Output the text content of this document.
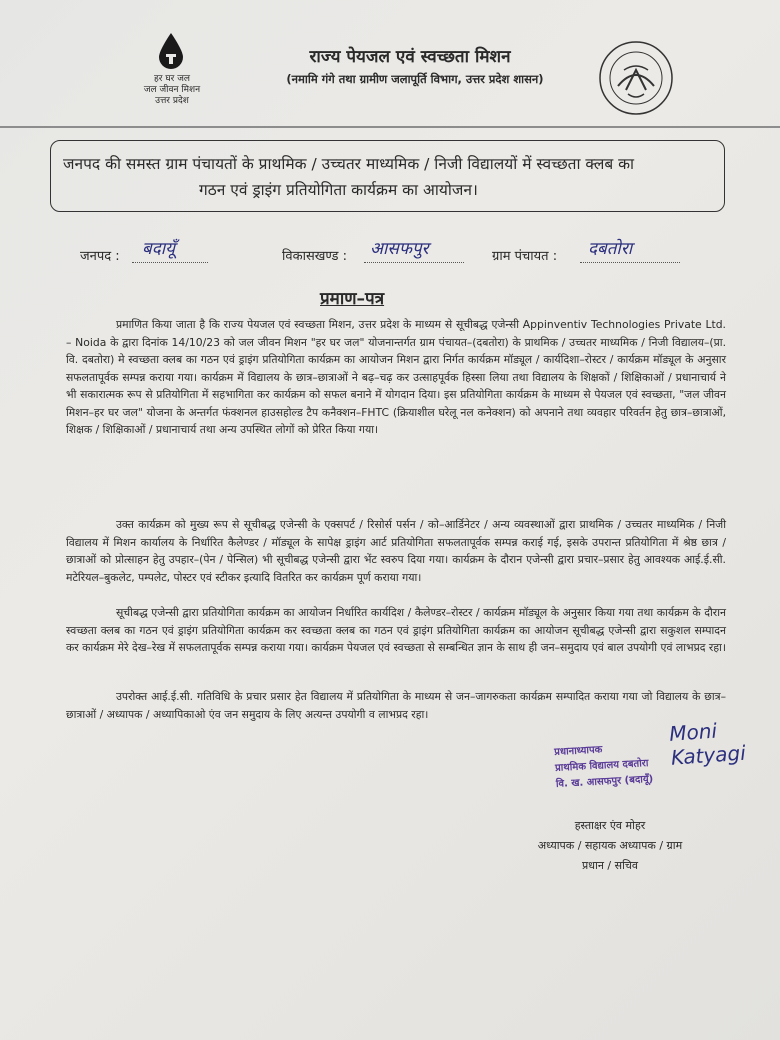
हर घर जल
जल जीवन मिशन
उत्तर प्रदेश
राज्य पेयजल एवं स्वच्छता मिशन
(नमामि गंगे तथा ग्रामीण जलापूर्ति विभाग, उत्तर प्रदेश शासन)
जनपद की समस्त ग्राम पंचायतों के प्राथमिक / उच्चतर माध्यमिक / निजी विद्यालयों में स्वच्छता क्लब का
गठन एवं ड्राइंग प्रतियोगिता कार्यक्रम का आयोजन।
जनपद : बदायूँ	विकासखण्ड : आसफपुर	ग्राम पंचायत : दबतोरा
प्रमाण–पत्र
प्रमाणित किया जाता है कि राज्य पेयजल एवं स्वच्छता मिशन, उत्तर प्रदेश के माध्यम से सूचीबद्ध एजेन्सी Appinventiv Technologies Private Ltd. – Noida के द्वारा दिनांक 14/10/23 को जल जीवन मिशन "हर घर जल" योजनान्तर्गत ग्राम पंचायत–(दबतोरा) के प्राथमिक / उच्चतर माध्यमिक / निजी विद्यालय–(प्रा. वि. दबतोरा) मे स्वच्छता क्लब का गठन एवं ड्राइंग प्रतियोगिता कार्यक्रम का आयोजन मिशन द्वारा निर्गत कार्यक्रम मॉड्यूल / कार्यदिशा–रोस्टर / कार्यक्रम मॉड्यूल के अनुसार सफलतापूर्वक सम्पन्न कराया गया। कार्यक्रम में विद्यालय के छात्र–छात्राओं ने बढ़–चढ़ कर उत्साहपूर्वक हिस्सा लिया तथा विद्यालय के शिक्षकों / शिक्षिकाओं / प्रधानाचार्य ने भी सकारात्मक रूप से प्रतियोगिता में सहभागिता कर कार्यक्रम को सफल बनाने में योगदान दिया। इस प्रतियोगिता कार्यक्रम के माध्यम से पेयजल एवं स्वच्छता, "जल जीवन मिशन–हर घर जल" योजना के अन्तर्गत फंक्शनल हाउसहोल्ड टैप कनैक्शन–FHTC (क्रियाशील घरेलू नल कनेक्शन) को अपनाने तथा व्यवहार परिवर्तन हेतु छात्र–छात्राओं, शिक्षक / शिक्षिकाओं / प्रधानाचार्य तथा अन्य उपस्थित लोगों को प्रेरित किया गया।
उक्त कार्यक्रम को मुख्य रूप से सूचीबद्ध एजेन्सी के एक्सपर्ट / रिसोर्स पर्सन / को–आर्डिनेटर / अन्य व्यवस्थाओं द्वारा प्राथमिक / उच्चतर माध्यमिक / निजी विद्यालय में मिशन कार्यालय के निर्धारित कैलेण्डर / मॉड्यूल के सापेक्ष ड्राइंग आर्ट प्रतियोगिता सफलतापूर्वक सम्पन्न कराई गई, इसके उपरान्त प्रतियोगिता में श्रेष्ठ छात्र / छात्राओं को प्रोत्साहन हेतु उपहार–(पेन / पेन्सिल) भी सूचीबद्ध एजेन्सी द्वारा भेंट स्वरुप दिया गया। कार्यक्रम के दौरान एजेन्सी द्वारा प्रचार–प्रसार हेतु आवश्यक आई.ई.सी. मटेरियल–बुकलेट, पम्पलेट, पोस्टर एवं स्टीकर इत्यादि वितरित कर कार्यक्रम पूर्ण कराया गया।
सूचीबद्ध एजेन्सी द्वारा प्रतियोगिता कार्यक्रम का आयोजन निर्धारित कार्यदिश / कैलेण्डर–रोस्टर / कार्यक्रम मॉड्यूल के अनुसार किया गया तथा कार्यक्रम के दौरान स्वच्छता क्लब का गठन एवं ड्राइंग प्रतियोगिता कार्यक्रम कर स्वच्छता क्लब का गठन एवं ड्राइंग प्रतियोगिता कार्यक्रम का आयोजन सूचीबद्ध एजेन्सी द्वारा सकुशल सम्पादन कर कार्यक्रम मेरे देख–रेख में सफलतापूर्वक सम्पन्न कराया गया। कार्यक्रम पेयजल एवं स्वच्छता से सम्बन्धित ज्ञान के साथ ही जन–समुदाय एवं बाल उपयोगी एवं लाभप्रद रहा।
उपरोक्त आई.ई.सी. गतिविधि के प्रचार प्रसार हेत विद्यालय में प्रतियोगिता के माध्यम से जन–जागरुकता कार्यक्रम सम्पादित कराया गया जो विद्यालय के छात्र–छात्राओं / अध्यापक / अध्यापिकाओ एंव जन समुदाय के लिए अत्यन्त उपयोगी व लाभप्रद रहा।
Moni Katyagi
प्रधानाध्यापक
प्राथमिक विद्यालय दबतोरा
वि. ख. आसफपुर (बदायूँ)
हस्ताक्षर एंव मोहर
अध्यापक / सहायक अध्यापक / ग्राम
प्रधान / सचिव
